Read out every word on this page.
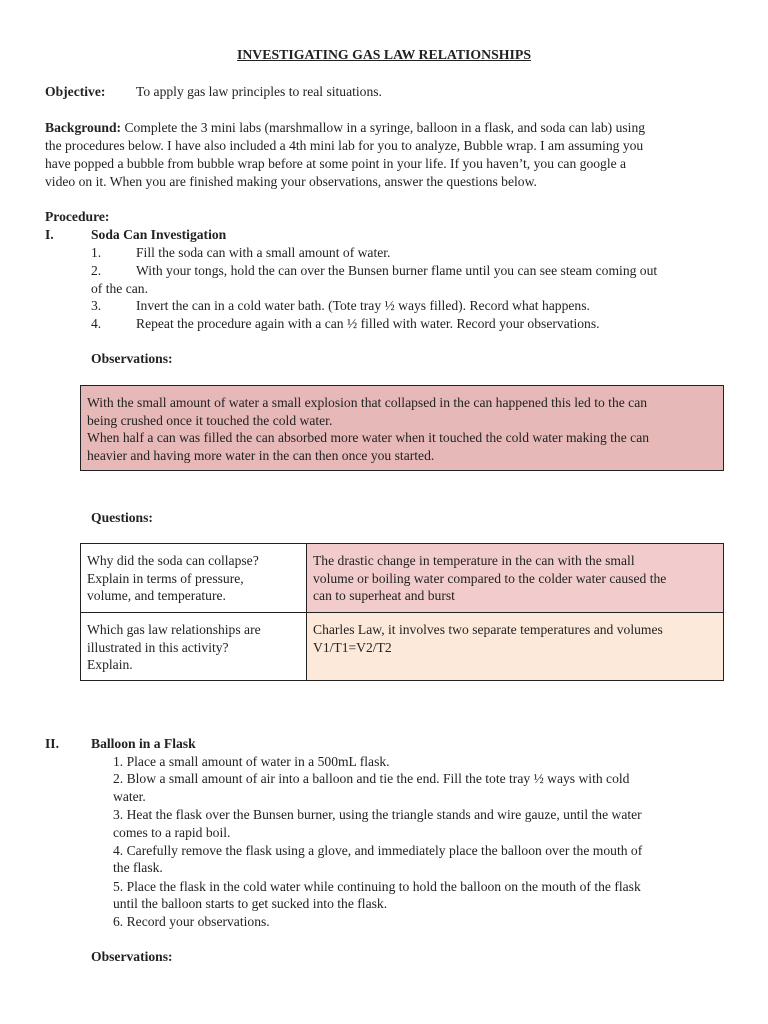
INVESTIGATING GAS LAW RELATIONSHIPS
Objective: To apply gas law principles to real situations.
Background: Complete the 3 mini labs (marshmallow in a syringe, balloon in a flask, and soda can lab) using
the procedures below. I have also included a 4th mini lab for you to analyze, Bubble wrap. I am assuming you
have popped a bubble from bubble wrap before at some point in your life. If you haven’t, you can google a
video on it. When you are finished making your observations, answer the questions below.
Procedure:
I.	Soda Can Investigation
1.	Fill the soda can with a small amount of water.
2.	With your tongs, hold the can over the Bunsen burner flame until you can see steam coming out
of the can.
3.	Invert the can in a cold water bath. (Tote tray ½ ways filled). Record what happens.
4.	Repeat the procedure again with a can ½ filled with water. Record your observations.
Observations:
With the small amount of water a small explosion that collapsed in the can happened this led to the can
being crushed once it touched the cold water.
When half a can was filled the can absorbed more water when it touched the cold water making the can
heavier and having more water in the can then once you started.
Questions:
Why did the soda can collapse?
Explain in terms of pressure,
volume, and temperature.	The drastic change in temperature in the can with the small
volume or boiling water compared to the colder water caused the
can to superheat and burst

Which gas law relationships are
illustrated in this activity?
Explain.	Charles Law, it involves two separate temperatures and volumes
V1/T1=V2/T2
II. Balloon in a Flask
1. Place a small amount of water in a 500mL flask.
2. Blow a small amount of air into a balloon and tie the end. Fill the tote tray ½ ways with cold
water.
3. Heat the flask over the Bunsen burner, using the triangle stands and wire gauze, until the water
comes to a rapid boil.
4. Carefully remove the flask using a glove, and immediately place the balloon over the mouth of
the flask.
5. Place the flask in the cold water while continuing to hold the balloon on the mouth of the flask
until the balloon starts to get sucked into the flask.
6. Record your observations.
Observations:
